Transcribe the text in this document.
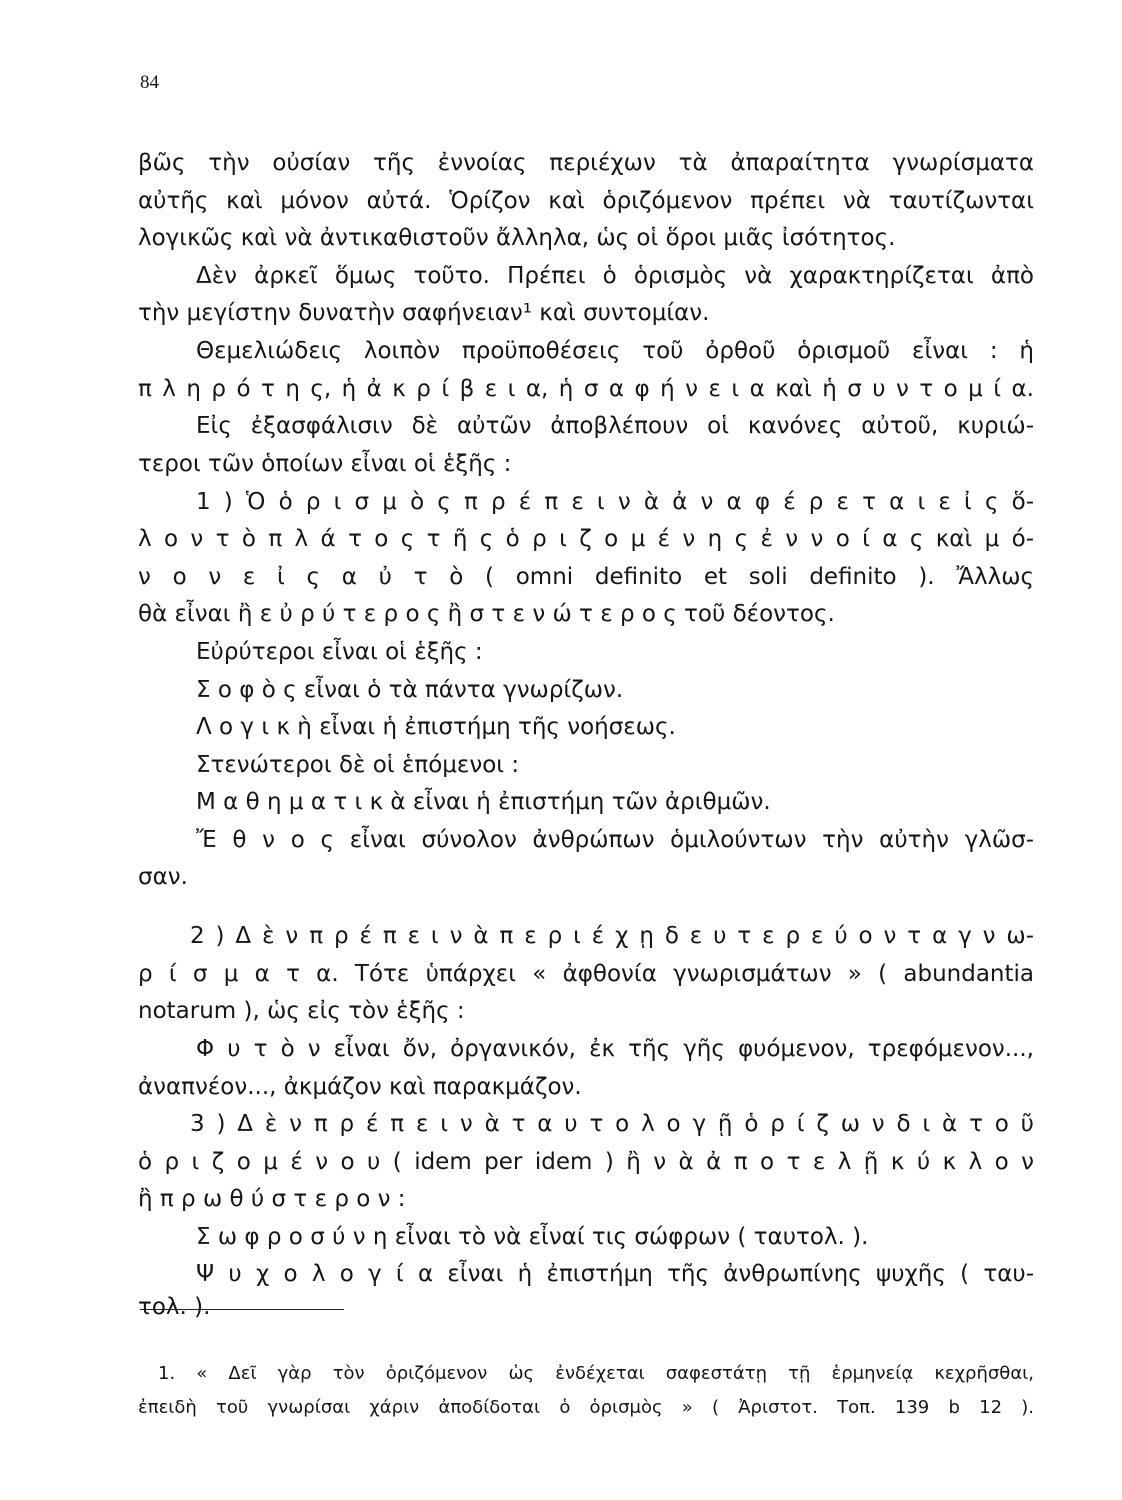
84
βῶς τὴν οὐσίαν τῆς ἐννοίας περιέχων τὰ ἀπαραίτητα γνωρίσματα
αὐτῆς καὶ μόνον αὐτά. Ὁρίζον καὶ ὁριζόμενον πρέπει νὰ ταυτίζωνται
λογικῶς καὶ νὰ ἀντικαθιστοῦν ἄλληλα, ὡς οἱ ὅροι μιᾶς ἰσότητος.
Δὲν ἀρκεῖ ὅμως τοῦτο. Πρέπει ὁ ὁρισμὸς νὰ χαρακτηρίζεται ἀπὸ
τὴν μεγίστην δυνατὴν σαφήνειαν¹ καὶ συντομίαν.
Θεμελιώδεις λοιπὸν προϋποθέσεις τοῦ ὀρθοῦ ὁρισμοῦ εἶναι : ἡ
π λ η ρ ό τ η ς, ἡ ἀ κ ρ ί β ε ι α, ἡ σ α φ ή ν ε ι α καὶ ἡ σ υ ν τ ο μ ί α.
Εἰς ἐξασφάλισιν δὲ αὐτῶν ἀποβλέπουν οἱ κανόνες αὐτοῦ, κυριώ-
τεροι τῶν ὁποίων εἶναι οἱ ἑξῆς :
1 ) Ὁ ὁ ρ ι σ μ ὸ ς π ρ έ π ε ι ν ὰ ἀ ν α φ έ ρ ε τ α ι ε ἰ ς ὅ-
λ ο ν τ ὸ π λ ά τ ο ς τ ῆ ς ὁ ρ ι ζ ο μ έ ν η ς ἐ ν ν ο ί α ς καὶ μ ό-
ν ο ν ε ἰ ς α ὐ τ ὸ ( omni definito et soli definito ). Ἄλλως
θὰ εἶναι ἢ ε ὐ ρ ύ τ ε ρ ο ς ἢ σ τ ε ν ώ τ ε ρ ο ς τοῦ δέοντος.
Εὐρύτεροι εἶναι οἱ ἑξῆς :
Σ ο φ ὸ ς εἶναι ὁ τὰ πάντα γνωρίζων.
Λ ο γ ι κ ὴ εἶναι ἡ ἐπιστήμη τῆς νοήσεως.
Στενώτεροι δὲ οἱ ἑπόμενοι :
Μ α θ η μ α τ ι κ ὰ εἶναι ἡ ἐπιστήμη τῶν ἀριθμῶν.
Ἔ θ ν ο ς εἶναι σύνολον ἀνθρώπων ὁμιλούντων τὴν αὐτὴν γλῶσ-
σαν.
2 ) Δ ὲ ν π ρ έ π ε ι ν ὰ π ε ρ ι έ χ ῃ δ ε υ τ ε ρ ε ύ ο ν τ α γ ν ω-
ρ ί σ μ α τ α. Τότε ὑπάρχει « ἀφθονία γνωρισμάτων » ( abundantia
notarum ), ὡς εἰς τὸν ἑξῆς :
Φ υ τ ὸ ν εἶναι ὄν, ὀργανικόν, ἐκ τῆς γῆς φυόμενον, τρεφόμενον...,
ἀναπνέον..., ἀκμάζον καὶ παρακμάζον.
3 ) Δ ὲ ν π ρ έ π ε ι ν ὰ τ α υ τ ο λ ο γ ῇ ὁ ρ ί ζ ω ν δ ι ὰ τ ο ῦ
ὁ ρ ι ζ ο μ έ ν ο υ ( idem per idem ) ἢ ν ὰ ἀ π ο τ ε λ ῇ κ ύ κ λ ο ν
ἢ π ρ ω θ ύ σ τ ε ρ ο ν :
Σ ω φ ρ ο σ ύ ν η εἶναι τὸ νὰ εἶναί τις σώφρων ( ταυτολ. ).
Ψ υ χ ο λ ο γ ί α εἶναι ἡ ἐπιστήμη τῆς ἀνθρωπίνης ψυχῆς ( ταυ-
τολ. ).
1. « Δεῖ γὰρ τὸν ὁριζόμενον ὡς ἐνδέχεται σαφεστάτῃ τῇ ἑρμηνείᾳ κεχρῆσθαι,
ἐπειδὴ τοῦ γνωρίσαι χάριν ἀποδίδοται ὁ ὁρισμὸς » ( Ἀριστοτ. Τοπ. 139 b 12 ).
